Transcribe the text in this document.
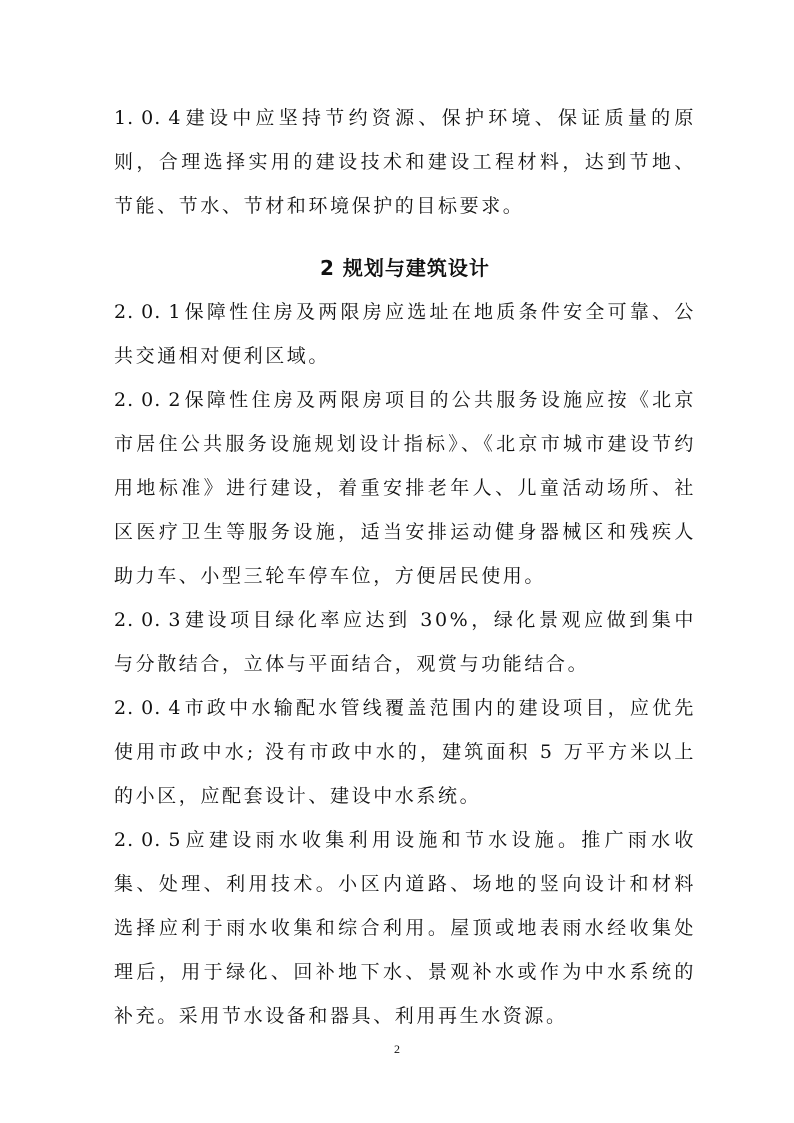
1. 0. 4 建设中应坚持节约资源、保护环境、保证质量的原则，合理选择实用的建设技术和建设工程材料，达到节地、节能、节水、节材和环境保护的目标要求。

2 规划与建筑设计

2. 0. 1 保障性住房及两限房应选址在地质条件安全可靠、公共交通相对便利区域。

2. 0. 2 保障性住房及两限房项目的公共服务设施应按《北京市居住公共服务设施规划设计指标》、《北京市城市建设节约用地标准》进行建设，着重安排老年人、儿童活动场所、社区医疗卫生等服务设施，适当安排运动健身器械区和残疾人助力车、小型三轮车停车位，方便居民使用。

2. 0. 3 建设项目绿化率应达到 30%，绿化景观应做到集中与分散结合，立体与平面结合，观赏与功能结合。

2. 0. 4 市政中水输配水管线覆盖范围内的建设项目，应优先使用市政中水; 没有市政中水的，建筑面积 5 万平方米以上的小区，应配套设计、建设中水系统。

2. 0. 5 应建设雨水收集利用设施和节水设施。推广雨水收集、处理、利用技术。小区内道路、场地的竖向设计和材料选择应利于雨水收集和综合利用。屋顶或地表雨水经收集处理后，用于绿化、回补地下水、景观补水或作为中水系统的补充。采用节水设备和器具、利用再生水资源。

2
